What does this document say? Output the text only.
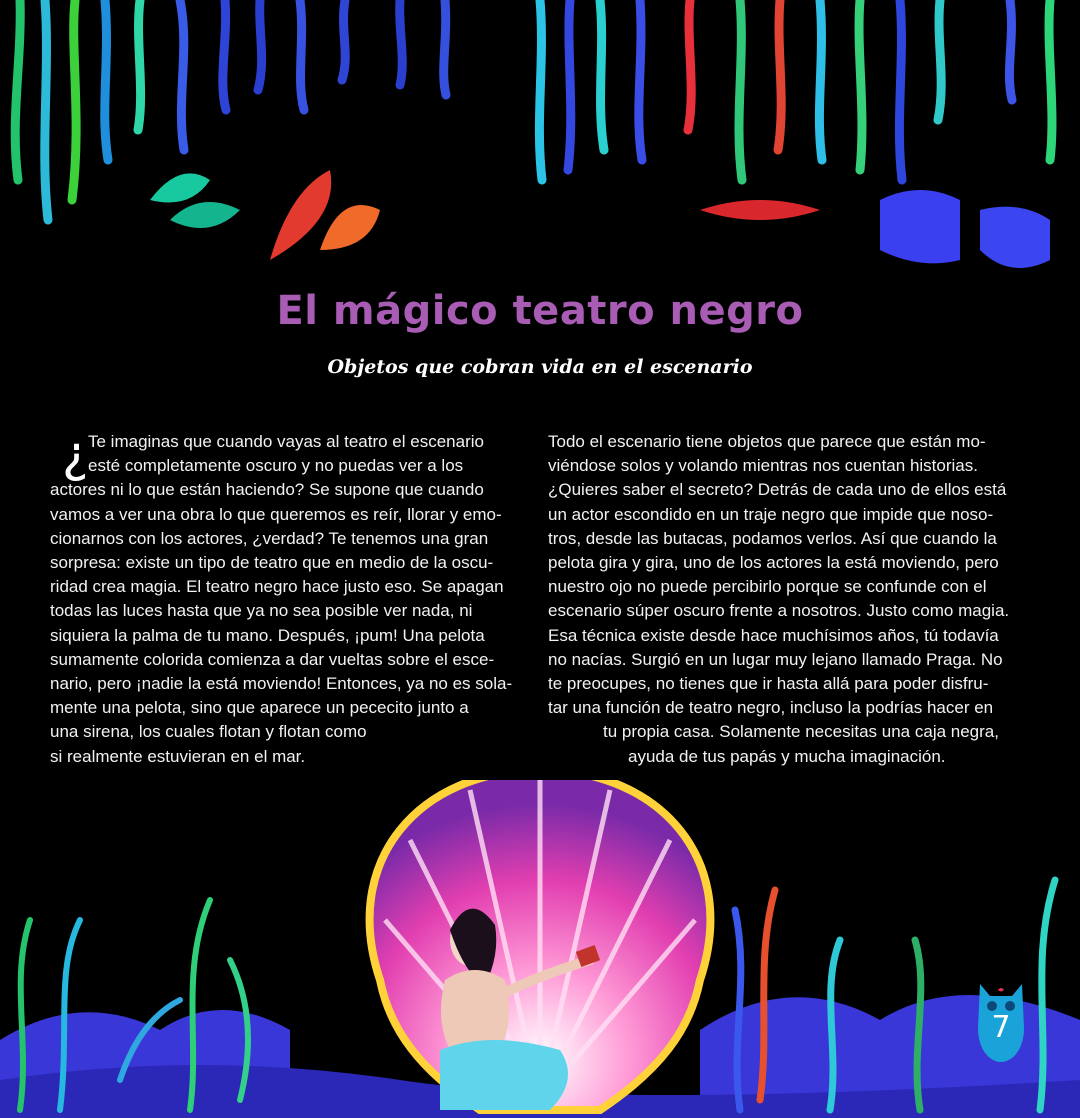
El mágico teatro negro
Objetos que cobran vida en el escenario
¿ Te imaginas que cuando vayas al teatro el escenario
esté completamente oscuro y no puedas ver a los
actores ni lo que están haciendo? Se supone que cuando
vamos a ver una obra lo que queremos es reír, llorar y emo-
cionarnos con los actores, ¿verdad? Te tenemos una gran
sorpresa: existe un tipo de teatro que en medio de la oscu-
ridad crea magia. El teatro negro hace justo eso. Se apagan
todas las luces hasta que ya no sea posible ver nada, ni
siquiera la palma de tu mano. Después, ¡pum! Una pelota
sumamente colorida comienza a dar vueltas sobre el esce-
nario, pero ¡nadie la está moviendo! Entonces, ya no es sola-
mente una pelota, sino que aparece un pececito junto a
una sirena, los cuales flotan y flotan como
si realmente estuvieran en el mar.
Todo el escenario tiene objetos que parece que están mo-
viéndose solos y volando mientras nos cuentan historias.
¿Quieres saber el secreto? Detrás de cada uno de ellos está
un actor escondido en un traje negro que impide que noso-
tros, desde las butacas, podamos verlos. Así que cuando la
pelota gira y gira, uno de los actores la está moviendo, pero
nuestro ojo no puede percibirlo porque se confunde con el
escenario súper oscuro frente a nosotros. Justo como magia.
Esa técnica existe desde hace muchísimos años, tú todavía
no nacías. Surgió en un lugar muy lejano llamado Praga. No
te preocupes, no tienes que ir hasta allá para poder disfru-
tar una función de teatro negro, incluso la podrías hacer en
tu propia casa. Solamente necesitas una caja negra,
ayuda de tus papás y mucha imaginación.
7
